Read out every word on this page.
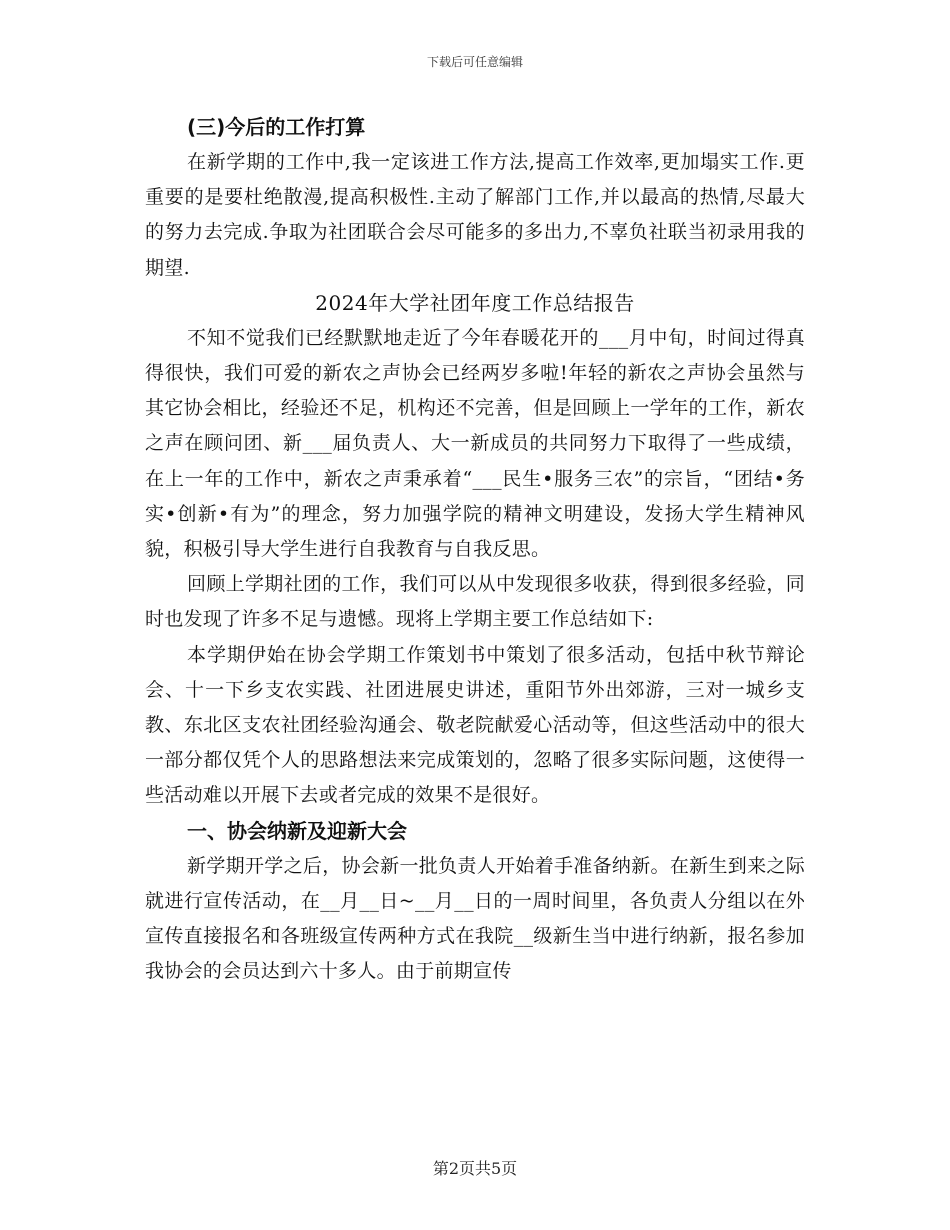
下载后可任意编辑
(三)今后的工作打算

在新学期的工作中,我一定该进工作方法,提高工作效率,更加塌实工作.更重要的是要杜绝散漫,提高积极性.主动了解部门工作,并以最高的热情,尽最大的努力去完成.争取为社团联合会尽可能多的多出力,不辜负社联当初录用我的期望.

2024年大学社团年度工作总结报告

不知不觉我们已经默默地走近了今年春暖花开的___月中旬，时间过得真得很快，我们可爱的新农之声协会已经两岁多啦!年轻的新农之声协会虽然与其它协会相比，经验还不足，机构还不完善，但是回顾上一学年的工作，新农之声在顾问团、新___届负责人、大一新成员的共同努力下取得了一些成绩，在上一年的工作中，新农之声秉承着“___民生•服务三农”的宗旨，“团结•务实•创新•有为”的理念，努力加强学院的精神文明建设，发扬大学生精神风貌，积极引导大学生进行自我教育与自我反思。

回顾上学期社团的工作，我们可以从中发现很多收获，得到很多经验，同时也发现了许多不足与遗憾。现将上学期主要工作总结如下:

本学期伊始在协会学期工作策划书中策划了很多活动，包括中秋节辩论会、十一下乡支农实践、社团进展史讲述，重阳节外出郊游，三对一城乡支教、东北区支农社团经验沟通会、敬老院献爱心活动等，但这些活动中的很大一部分都仅凭个人的思路想法来完成策划的，忽略了很多实际问题，这使得一些活动难以开展下去或者完成的效果不是很好。

一、协会纳新及迎新大会

新学期开学之后，协会新一批负责人开始着手准备纳新。在新生到来之际就进行宣传活动，在__月__日~__月__日的一周时间里，各负责人分组以在外宣传直接报名和各班级宣传两种方式在我院__级新生当中进行纳新，报名参加我协会的会员达到六十多人。由于前期宣传

第2页共5页
